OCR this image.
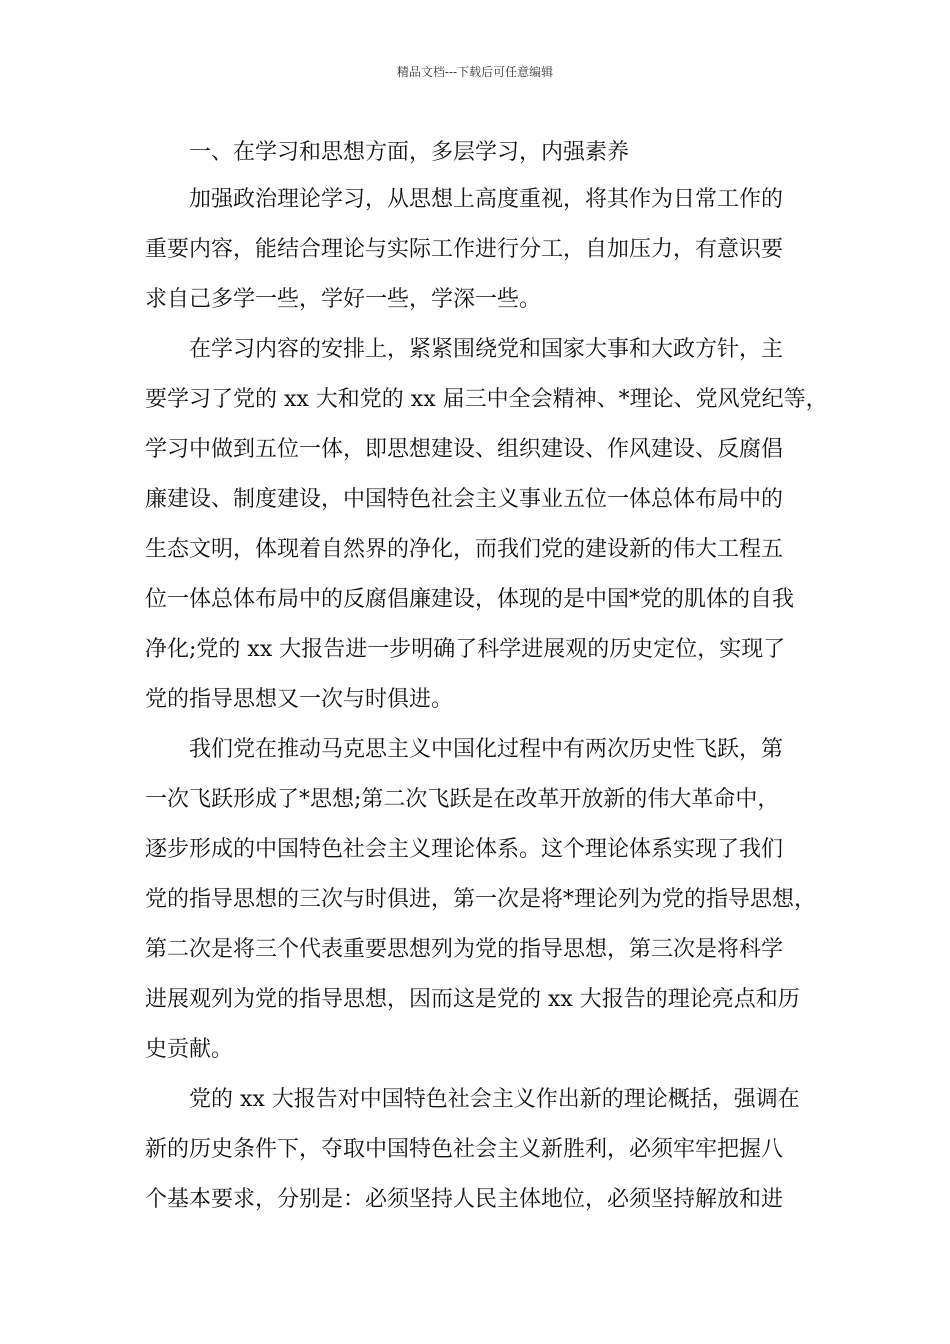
精品文档---下载后可任意编辑
一、在学习和思想方面，多层学习，内强素养
加强政治理论学习，从思想上高度重视，将其作为日常工作的
重要内容，能结合理论与实际工作进行分工，自加压力，有意识要
求自己多学一些，学好一些，学深一些。
在学习内容的安排上，紧紧围绕党和国家大事和大政方针，主
要学习了党的 xx 大和党的 xx 届三中全会精神、*理论、党风党纪等，
学习中做到五位一体，即思想建设、组织建设、作风建设、反腐倡
廉建设、制度建设，中国特色社会主义事业五位一体总体布局中的
生态文明，体现着自然界的净化，而我们党的建设新的伟大工程五
位一体总体布局中的反腐倡廉建设，体现的是中国*党的肌体的自我
净化;党的 xx 大报告进一步明确了科学进展观的历史定位，实现了
党的指导思想又一次与时俱进。
我们党在推动马克思主义中国化过程中有两次历史性飞跃，第
一次飞跃形成了*思想;第二次飞跃是在改革开放新的伟大革命中，
逐步形成的中国特色社会主义理论体系。这个理论体系实现了我们
党的指导思想的三次与时俱进，第一次是将*理论列为党的指导思想，
第二次是将三个代表重要思想列为党的指导思想，第三次是将科学
进展观列为党的指导思想，因而这是党的 xx 大报告的理论亮点和历
史贡献。
党的 xx 大报告对中国特色社会主义作出新的理论概括，强调在
新的历史条件下，夺取中国特色社会主义新胜利，必须牢牢把握八
个基本要求，分别是：必须坚持人民主体地位，必须坚持解放和进
